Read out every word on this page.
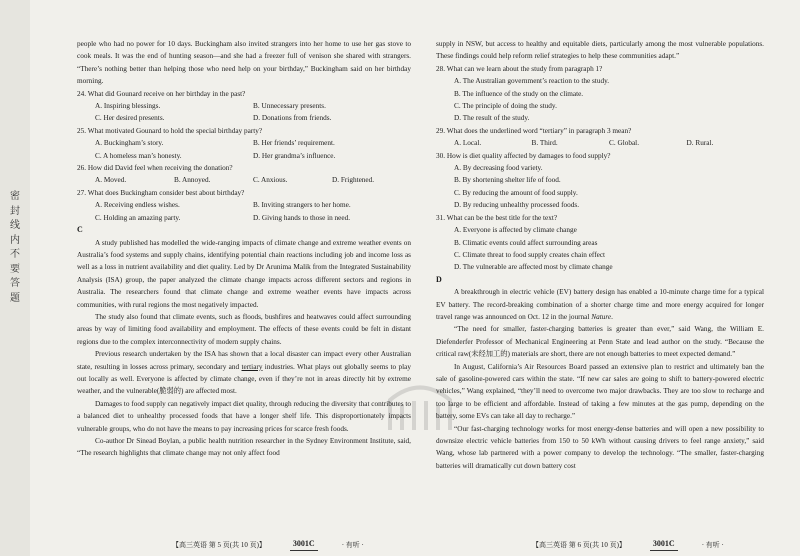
密
封
线
内
不
要
答
题

people who had no power for 10 days. Buckingham also invited strangers into her home to use her gas stove to cook meals. It was the end of hunting season—and she had a freezer full of venison she shared with strangers. “There’s nothing better than helping those who need help on your birthday,” Buckingham said on her birthday morning.

24. What did Gounard receive on her birthday in the past?

A. Inspiring blessings.	B. Unnecessary presents.
C. Her desired presents.	D. Donations from friends.

25. What motivated Gounard to hold the special birthday party?

A. Buckingham’s story.	B. Her friends’ requirement.
C. A homeless man’s honesty.	D. Her grandma’s influence.

26. How did David feel when receiving the donation?

A. Moved.	B. Annoyed.	C. Anxious.	D. Frightened.

27. What does Buckingham consider best about birthday?

A. Receiving endless wishes.	B. Inviting strangers to her home.
C. Holding an amazing party.	D. Giving hands to those in need.

C

A study published has modelled the wide-ranging impacts of climate change and extreme weather events on Australia’s food systems and supply chains, identifying potential chain reactions including job and income loss as well as a loss in nutrient availability and diet quality. Led by Dr Arunima Malik from the Integrated Sustainability Analysis (ISA) group, the paper analyzed the climate change impacts across different sectors and regions in Australia. The researchers found that climate change and extreme weather events have impacts across communities, with rural regions the most negatively impacted.

The study also found that climate events, such as floods, bushfires and heatwaves could affect surrounding areas by way of limiting food availability and employment. The effects of these events could be felt in distant regions due to the complex interconnectivity of modern supply chains.

Previous research undertaken by the ISA has shown that a local disaster can impact every other Australian state, resulting in losses across primary, secondary and tertiary industries. What plays out globally seems to play out locally as well. Everyone is affected by climate change, even if they’re not in areas directly hit by extreme weather, and the vulnerable(脆弱的) are affected most.

Damages to food supply can negatively impact diet quality, through reducing the diversity that contributes to a balanced diet to unhealthy processed foods that have a longer shelf life. This disproportionately impacts vulnerable groups, who do not have the means to pay increasing prices for scarce fresh foods.

Co-author Dr Sinead Boylan, a public health nutrition researcher in the Sydney Environment Institute, said, “The research highlights that climate change may not only affect food

supply in NSW, but access to healthy and equitable diets, particularly among the most vulnerable populations. These findings could help reform relief strategies to help these communities adapt.”

28. What can we learn about the study from paragraph 1?

A. The Australian government’s reaction to the study.
B. The influence of the study on the climate.
C. The principle of doing the study.
D. The result of the study.

29. What does the underlined word “tertiary” in paragraph 3 mean?

A. Local.	B. Third.	C. Global.	D. Rural.

30. How is diet quality affected by damages to food supply?

A. By decreasing food variety.
B. By shortening shelter life of food.
C. By reducing the amount of food supply.
D. By reducing unhealthy processed foods.

31. What can be the best title for the text?

A. Everyone is affected by climate change
B. Climatic events could affect surrounding areas
C. Climate threat to food supply creates chain effect
D. The vulnerable are affected most by climate change

D

A breakthrough in electric vehicle (EV) battery design has enabled a 10-minute charge time for a typical EV battery. The record-breaking combination of a shorter charge time and more energy acquired for longer travel range was announced on Oct. 12 in the journal Nature.

“The need for smaller, faster-charging batteries is greater than ever,” said Wang, the William E. Diefenderfer Professor of Mechanical Engineering at Penn State and lead author on the study. “Because the critical raw(未经加工的) materials are short, there are not enough batteries to meet expected demand.”

In August, California’s Air Resources Board passed an extensive plan to restrict and ultimately ban the sale of gasoline-powered cars within the state. “If new car sales are going to shift to battery-powered electric vehicles,” Wang explained, “they’ll need to overcome two major drawbacks. They are too slow to recharge and too large to be efficient and affordable. Instead of taking a few minutes at the gas pump, depending on the battery, some EVs can take all day to recharge.”

“Our fast-charging technology works for most energy-dense batteries and will open a new possibility to downsize electric vehicle batteries from 150 to 50 kWh without causing drivers to feel range anxiety,” said Wang, whose lab partnered with a power company to develop the technology. “The smaller, faster-charging batteries will dramatically cut down battery cost

【高三英语 第 5 页(共 10 页)】	3001C	· 有听 ·	【高三英语 第 6 页(共 10 页)】	3001C	· 有听 ·
